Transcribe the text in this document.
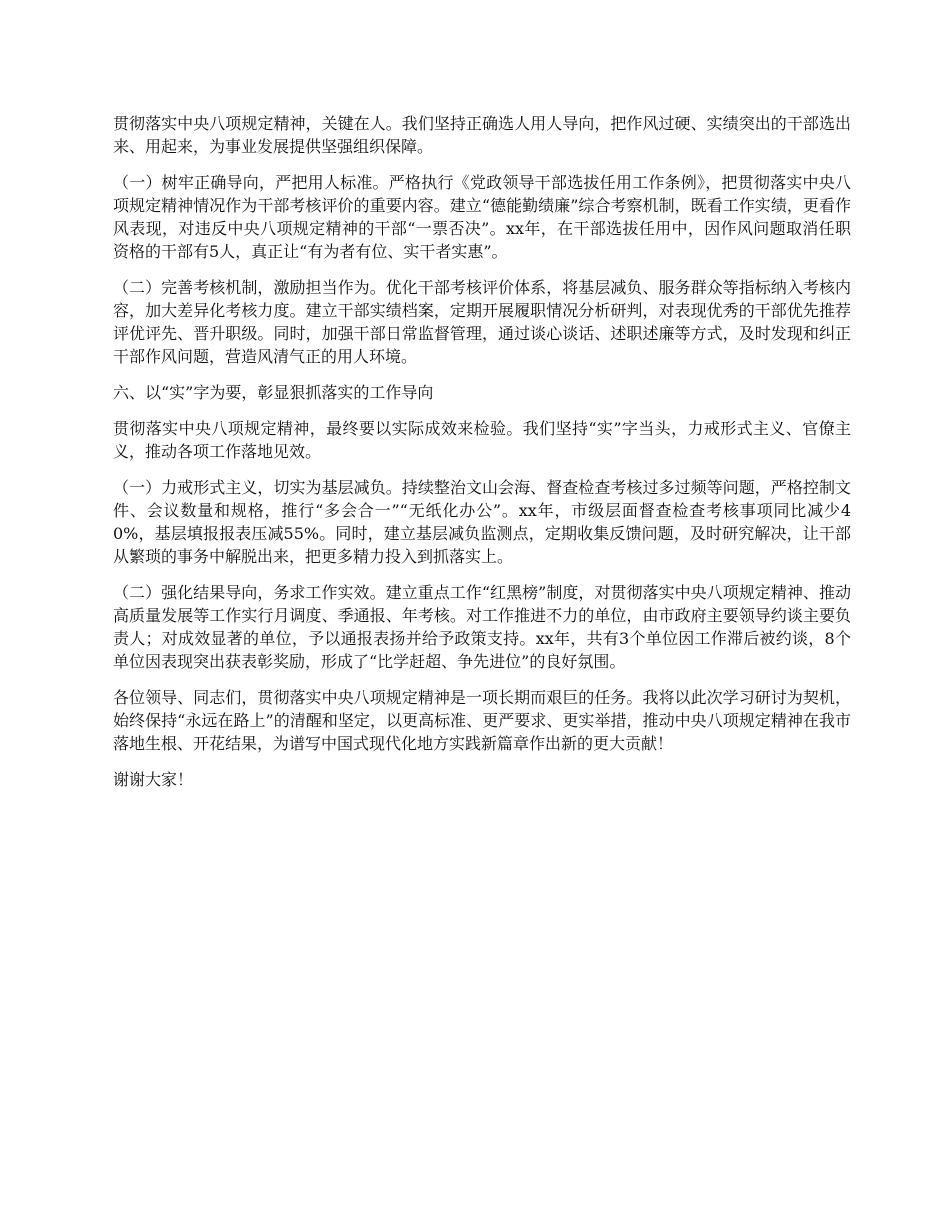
贯彻落实中央八项规定精神，关键在人。我们坚持正确选人用人导向，把作风过硬、实绩突出的干部选出来、用起来，为事业发展提供坚强组织保障。

（一）树牢正确导向，严把用人标准。严格执行《党政领导干部选拔任用工作条例》，把贯彻落实中央八项规定精神情况作为干部考核评价的重要内容。建立“德能勤绩廉”综合考察机制，既看工作实绩，更看作风表现，对违反中央八项规定精神的干部“一票否决”。xx年，在干部选拔任用中，因作风问题取消任职资格的干部有5人，真正让“有为者有位、实干者实惠”。

（二）完善考核机制，激励担当作为。优化干部考核评价体系，将基层减负、服务群众等指标纳入考核内容，加大差异化考核力度。建立干部实绩档案，定期开展履职情况分析研判，对表现优秀的干部优先推荐评优评先、晋升职级。同时，加强干部日常监督管理，通过谈心谈话、述职述廉等方式，及时发现和纠正干部作风问题，营造风清气正的用人环境。

六、以“实”字为要，彰显狠抓落实的工作导向

贯彻落实中央八项规定精神，最终要以实际成效来检验。我们坚持“实”字当头，力戒形式主义、官僚主义，推动各项工作落地见效。

（一）力戒形式主义，切实为基层减负。持续整治文山会海、督查检查考核过多过频等问题，严格控制文件、会议数量和规格，推行“多会合一”“无纸化办公”。xx年，市级层面督查检查考核事项同比减少40%，基层填报报表压减55%。同时，建立基层减负监测点，定期收集反馈问题，及时研究解决，让干部从繁琐的事务中解脱出来，把更多精力投入到抓落实上。

（二）强化结果导向，务求工作实效。建立重点工作“红黑榜”制度，对贯彻落实中央八项规定精神、推动高质量发展等工作实行月调度、季通报、年考核。对工作推进不力的单位，由市政府主要领导约谈主要负责人；对成效显著的单位，予以通报表扬并给予政策支持。xx年，共有3个单位因工作滞后被约谈，8个单位因表现突出获表彰奖励，形成了“比学赶超、争先进位”的良好氛围。

各位领导、同志们，贯彻落实中央八项规定精神是一项长期而艰巨的任务。我将以此次学习研讨为契机，始终保持“永远在路上”的清醒和坚定，以更高标准、更严要求、更实举措，推动中央八项规定精神在我市落地生根、开花结果，为谱写中国式现代化地方实践新篇章作出新的更大贡献！

谢谢大家！
